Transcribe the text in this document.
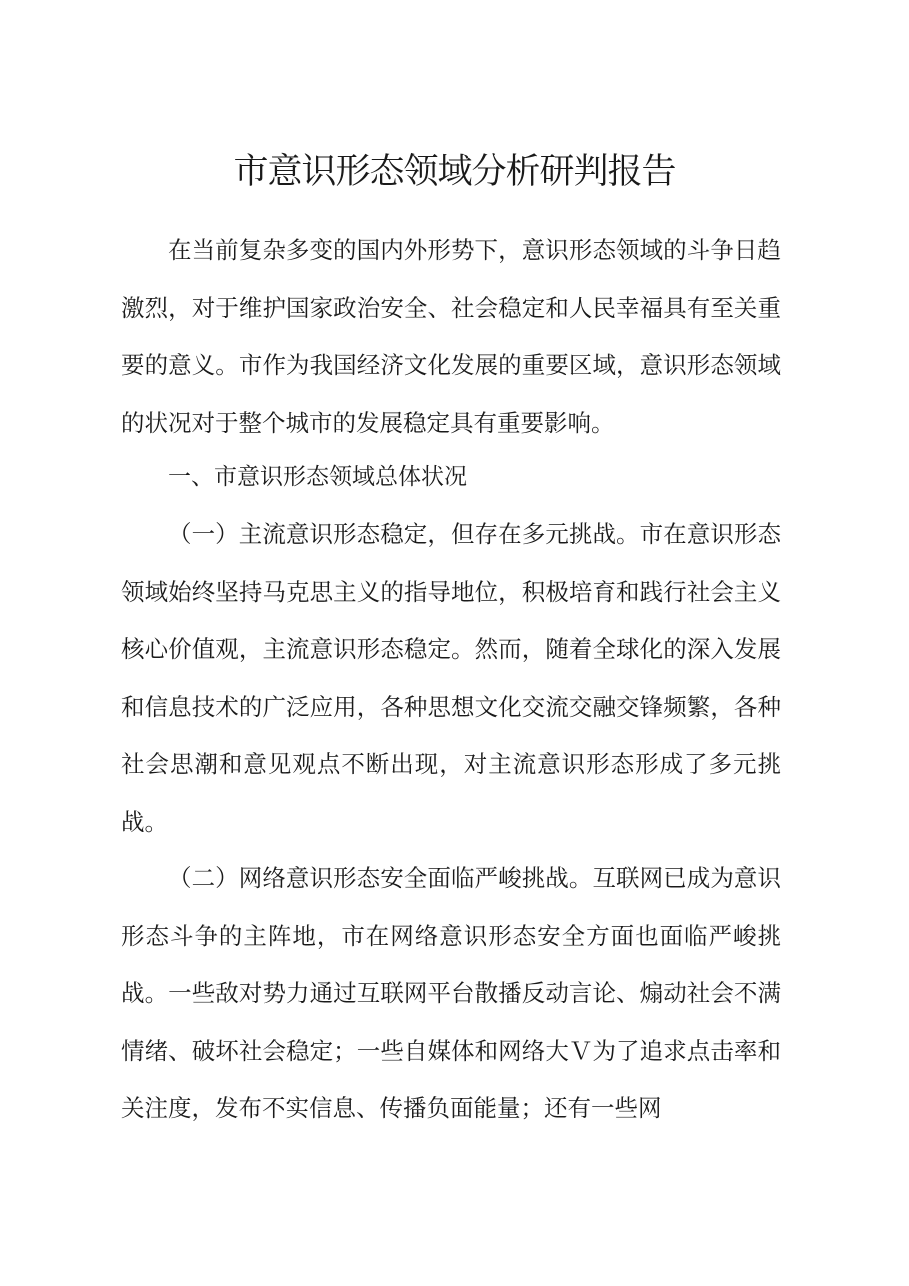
市意识形态领域分析研判报告

在当前复杂多变的国内外形势下，意识形态领域的斗争日趋激烈，对于维护国家政治安全、社会稳定和人民幸福具有至关重要的意义。市作为我国经济文化发展的重要区域，意识形态领域的状况对于整个城市的发展稳定具有重要影响。

一、市意识形态领域总体状况

（一）主流意识形态稳定，但存在多元挑战。市在意识形态领域始终坚持马克思主义的指导地位，积极培育和践行社会主义核心价值观，主流意识形态稳定。然而，随着全球化的深入发展和信息技术的广泛应用，各种思想文化交流交融交锋频繁，各种社会思潮和意见观点不断出现，对主流意识形态形成了多元挑战。

（二）网络意识形态安全面临严峻挑战。互联网已成为意识形态斗争的主阵地，市在网络意识形态安全方面也面临严峻挑战。一些敌对势力通过互联网平台散播反动言论、煽动社会不满情绪、破坏社会稳定；一些自媒体和网络大Ｖ为了追求点击率和关注度，发布不实信息、传播负面能量；还有一些网
